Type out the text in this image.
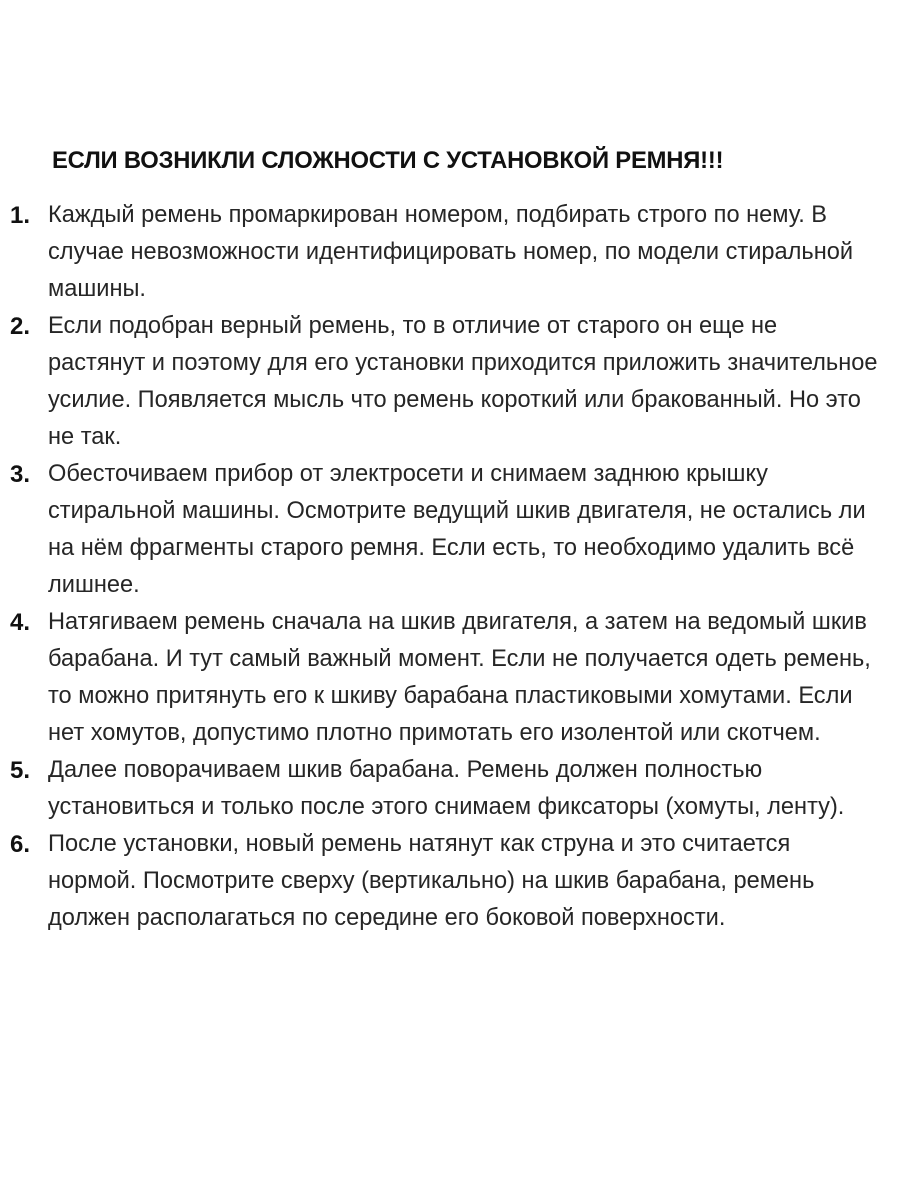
ЕСЛИ ВОЗНИКЛИ СЛОЖНОСТИ С УСТАНОВКОЙ РЕМНЯ!!!
1. Каждый ремень промаркирован номером, подбирать строго по нему. В случае невозможности идентифицировать номер, по модели стиральной машины.
2. Если подобран верный ремень, то в отличие от старого он еще не растянут и поэтому для его установки приходится приложить значительное усилие. Появляется мысль что ремень короткий или бракованный. Но это не так.
3. Обесточиваем прибор от электросети и снимаем заднюю крышку стиральной машины. Осмотрите ведущий шкив двигателя, не остались ли на нём фрагменты старого ремня. Если есть, то необходимо удалить всё лишнее.
4. Натягиваем ремень сначала на шкив двигателя, а затем на ведомый шкив барабана. И тут самый важный момент. Если не получается одеть ремень, то можно притянуть его к шкиву барабана пластиковыми хомутами. Если нет хомутов, допустимо плотно примотать его изолентой или скотчем.
5. Далее поворачиваем шкив барабана. Ремень должен полностью установиться и только после этого снимаем фиксаторы (хомуты, ленту).
6. После установки, новый ремень натянут как струна и это считается нормой. Посмотрите сверху (вертикально) на шкив барабана, ремень должен располагаться по середине его боковой поверхности.
